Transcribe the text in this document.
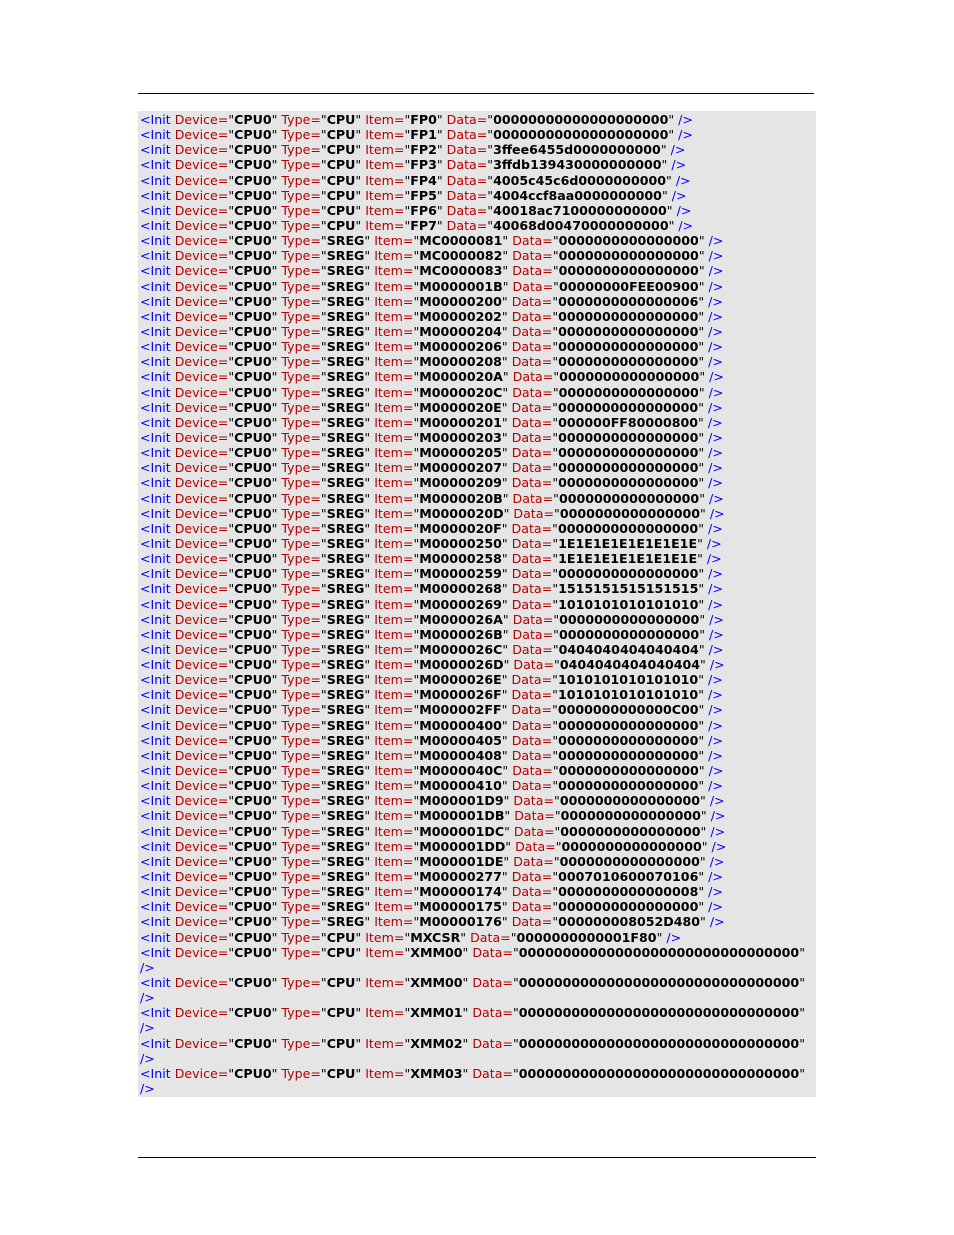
<Init Device="CPU0" Type="CPU" Item="FP0" Data="00000000000000000000" />
<Init Device="CPU0" Type="CPU" Item="FP1" Data="00000000000000000000" />
<Init Device="CPU0" Type="CPU" Item="FP2" Data="3ffee6455d0000000000" />
<Init Device="CPU0" Type="CPU" Item="FP3" Data="3ffdb139430000000000" />
<Init Device="CPU0" Type="CPU" Item="FP4" Data="4005c45c6d0000000000" />
<Init Device="CPU0" Type="CPU" Item="FP5" Data="4004ccf8aa0000000000" />
<Init Device="CPU0" Type="CPU" Item="FP6" Data="40018ac7100000000000" />
<Init Device="CPU0" Type="CPU" Item="FP7" Data="40068d00470000000000" />
<Init Device="CPU0" Type="SREG" Item="MC0000081" Data="0000000000000000" />
<Init Device="CPU0" Type="SREG" Item="MC0000082" Data="0000000000000000" />
<Init Device="CPU0" Type="SREG" Item="MC0000083" Data="0000000000000000" />
<Init Device="CPU0" Type="SREG" Item="M0000001B" Data="00000000FEE00900" />
<Init Device="CPU0" Type="SREG" Item="M00000200" Data="0000000000000006" />
<Init Device="CPU0" Type="SREG" Item="M00000202" Data="0000000000000000" />
<Init Device="CPU0" Type="SREG" Item="M00000204" Data="0000000000000000" />
<Init Device="CPU0" Type="SREG" Item="M00000206" Data="0000000000000000" />
<Init Device="CPU0" Type="SREG" Item="M00000208" Data="0000000000000000" />
<Init Device="CPU0" Type="SREG" Item="M0000020A" Data="0000000000000000" />
<Init Device="CPU0" Type="SREG" Item="M0000020C" Data="0000000000000000" />
<Init Device="CPU0" Type="SREG" Item="M0000020E" Data="0000000000000000" />
<Init Device="CPU0" Type="SREG" Item="M00000201" Data="000000FF80000800" />
<Init Device="CPU0" Type="SREG" Item="M00000203" Data="0000000000000000" />
<Init Device="CPU0" Type="SREG" Item="M00000205" Data="0000000000000000" />
<Init Device="CPU0" Type="SREG" Item="M00000207" Data="0000000000000000" />
<Init Device="CPU0" Type="SREG" Item="M00000209" Data="0000000000000000" />
<Init Device="CPU0" Type="SREG" Item="M0000020B" Data="0000000000000000" />
<Init Device="CPU0" Type="SREG" Item="M0000020D" Data="0000000000000000" />
<Init Device="CPU0" Type="SREG" Item="M0000020F" Data="0000000000000000" />
<Init Device="CPU0" Type="SREG" Item="M00000250" Data="1E1E1E1E1E1E1E1E" />
<Init Device="CPU0" Type="SREG" Item="M00000258" Data="1E1E1E1E1E1E1E1E" />
<Init Device="CPU0" Type="SREG" Item="M00000259" Data="0000000000000000" />
<Init Device="CPU0" Type="SREG" Item="M00000268" Data="1515151515151515" />
<Init Device="CPU0" Type="SREG" Item="M00000269" Data="1010101010101010" />
<Init Device="CPU0" Type="SREG" Item="M0000026A" Data="0000000000000000" />
<Init Device="CPU0" Type="SREG" Item="M0000026B" Data="0000000000000000" />
<Init Device="CPU0" Type="SREG" Item="M0000026C" Data="0404040404040404" />
<Init Device="CPU0" Type="SREG" Item="M0000026D" Data="0404040404040404" />
<Init Device="CPU0" Type="SREG" Item="M0000026E" Data="1010101010101010" />
<Init Device="CPU0" Type="SREG" Item="M0000026F" Data="1010101010101010" />
<Init Device="CPU0" Type="SREG" Item="M000002FF" Data="0000000000000C00" />
<Init Device="CPU0" Type="SREG" Item="M00000400" Data="0000000000000000" />
<Init Device="CPU0" Type="SREG" Item="M00000405" Data="0000000000000000" />
<Init Device="CPU0" Type="SREG" Item="M00000408" Data="0000000000000000" />
<Init Device="CPU0" Type="SREG" Item="M0000040C" Data="0000000000000000" />
<Init Device="CPU0" Type="SREG" Item="M00000410" Data="0000000000000000" />
<Init Device="CPU0" Type="SREG" Item="M000001D9" Data="0000000000000000" />
<Init Device="CPU0" Type="SREG" Item="M000001DB" Data="0000000000000000" />
<Init Device="CPU0" Type="SREG" Item="M000001DC" Data="0000000000000000" />
<Init Device="CPU0" Type="SREG" Item="M000001DD" Data="0000000000000000" />
<Init Device="CPU0" Type="SREG" Item="M000001DE" Data="0000000000000000" />
<Init Device="CPU0" Type="SREG" Item="M00000277" Data="0007010600070106" />
<Init Device="CPU0" Type="SREG" Item="M00000174" Data="0000000000000008" />
<Init Device="CPU0" Type="SREG" Item="M00000175" Data="0000000000000000" />
<Init Device="CPU0" Type="SREG" Item="M00000176" Data="000000008052D480" />
<Init Device="CPU0" Type="CPU" Item="MXCSR" Data="0000000000001F80" />
<Init Device="CPU0" Type="CPU" Item="XMM00" Data="00000000000000000000000000000000"
/>
<Init Device="CPU0" Type="CPU" Item="XMM00" Data="00000000000000000000000000000000"
/>
<Init Device="CPU0" Type="CPU" Item="XMM01" Data="00000000000000000000000000000000"
/>
<Init Device="CPU0" Type="CPU" Item="XMM02" Data="00000000000000000000000000000000"
/>
<Init Device="CPU0" Type="CPU" Item="XMM03" Data="00000000000000000000000000000000"
/>
